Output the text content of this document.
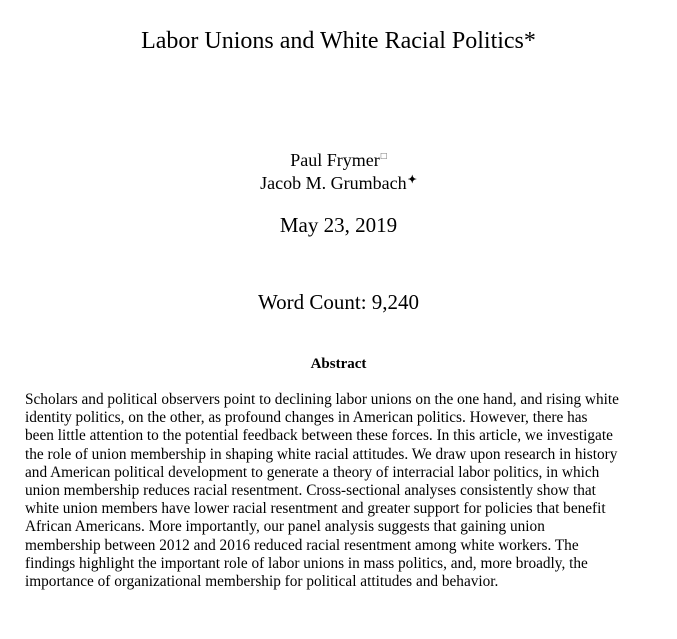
Labor Unions and White Racial Politics*
Paul Frymer□
Jacob M. Grumbach✦
May 23, 2019
Word Count: 9,240
Abstract
Scholars and political observers point to declining labor unions on the one hand, and rising white
identity politics, on the other, as profound changes in American politics. However, there has
been little attention to the potential feedback between these forces. In this article, we investigate
the role of union membership in shaping white racial attitudes. We draw upon research in history
and American political development to generate a theory of interracial labor politics, in which
union membership reduces racial resentment. Cross-sectional analyses consistently show that
white union members have lower racial resentment and greater support for policies that benefit
African Americans. More importantly, our panel analysis suggests that gaining union
membership between 2012 and 2016 reduced racial resentment among white workers. The
findings highlight the important role of labor unions in mass politics, and, more broadly, the
importance of organizational membership for political attitudes and behavior.
